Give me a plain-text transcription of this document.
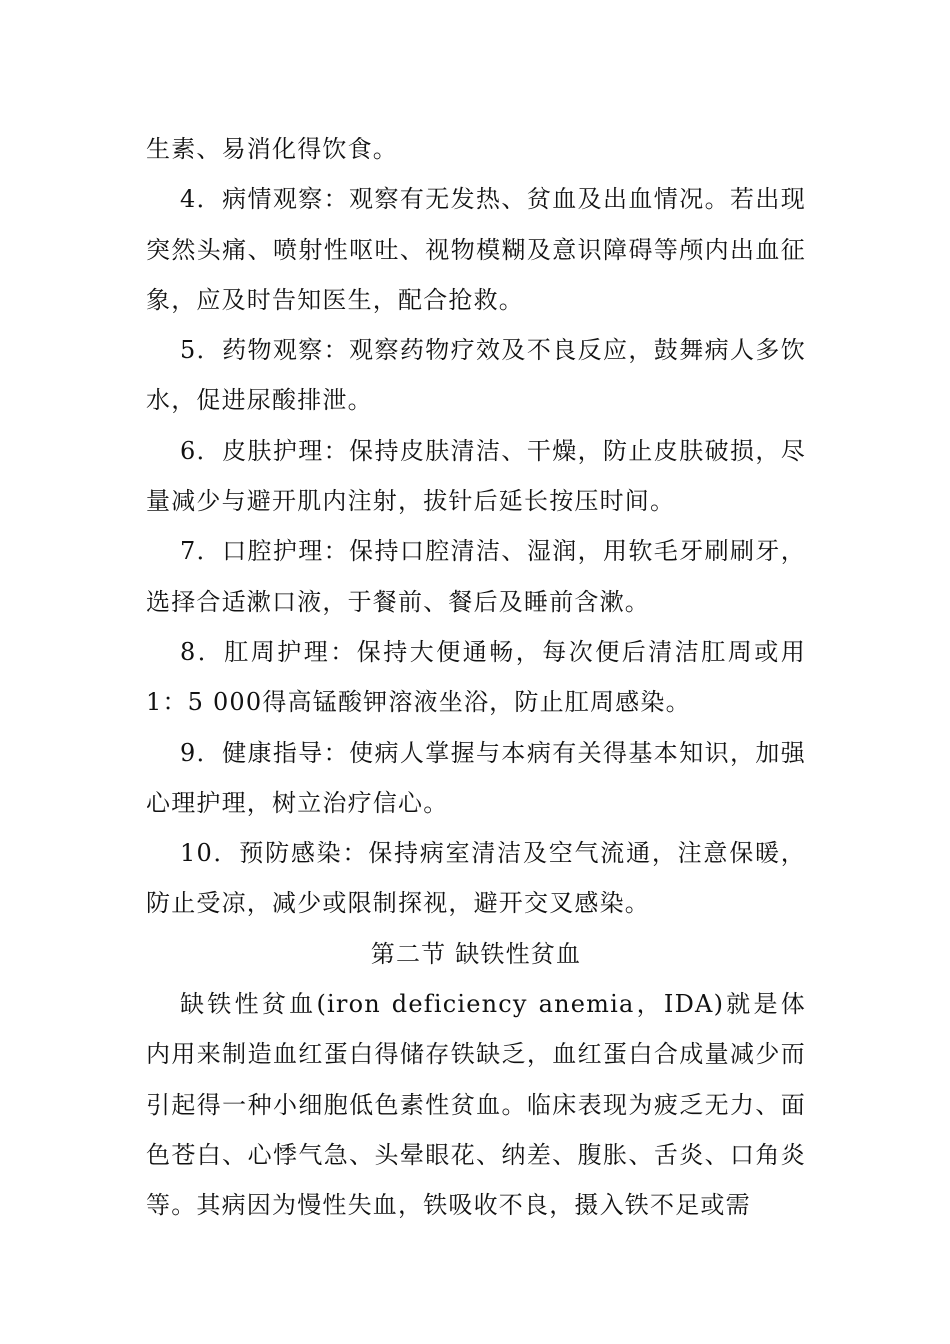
生素、易消化得饮食。

4．病情观察：观察有无发热、贫血及出血情况。若出现突然头痛、喷射性呕吐、视物模糊及意识障碍等颅内出血征象，应及时告知医生，配合抢救。

5．药物观察：观察药物疗效及不良反应，鼓舞病人多饮水，促进尿酸排泄。

6．皮肤护理：保持皮肤清洁、干燥，防止皮肤破损，尽量减少与避开肌内注射，拔针后延长按压时间。

7．口腔护理：保持口腔清洁、湿润，用软毛牙刷刷牙，选择合适漱口液，于餐前、餐后及睡前含漱。

8．肛周护理：保持大便通畅，每次便后清洁肛周或用1：5 000得高锰酸钾溶液坐浴，防止肛周感染。

9．健康指导：使病人掌握与本病有关得基本知识，加强心理护理，树立治疗信心。

10．预防感染：保持病室清洁及空气流通，注意保暖，防止受凉，减少或限制探视，避开交叉感染。

第二节 缺铁性贫血

缺铁性贫血(iron deficiency anemia，IDA)就是体内用来制造血红蛋白得储存铁缺乏，血红蛋白合成量减少而引起得一种小细胞低色素性贫血。临床表现为疲乏无力、面色苍白、心悸气急、头晕眼花、纳差、腹胀、舌炎、口角炎等。其病因为慢性失血，铁吸收不良，摄入铁不足或需
